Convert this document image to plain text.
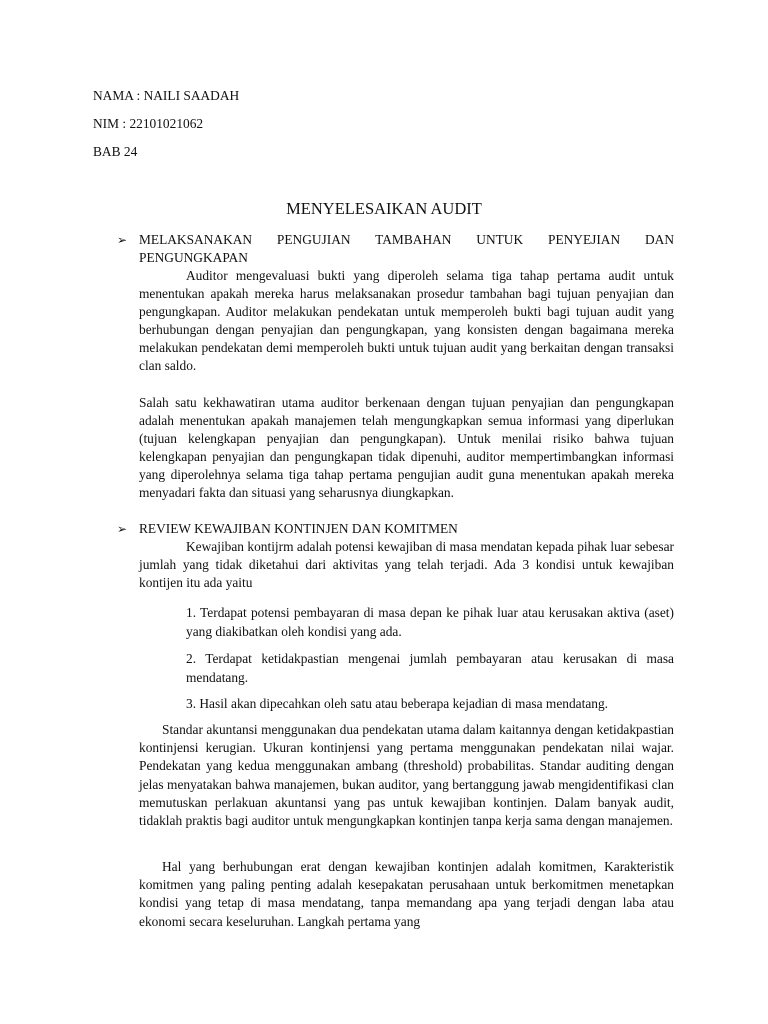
NAMA : NAILI SAADAH
NIM : 22101021062
BAB 24
MENYELESAIKAN AUDIT
➢ MELAKSANAKAN PENGUJIAN TAMBAHAN UNTUK PENYEJIAN DAN PENGUNGKAPAN

Auditor mengevaluasi bukti yang diperoleh selama tiga tahap pertama audit untuk menentukan apakah mereka harus melaksanakan prosedur tambahan bagi tujuan penyajian dan pengungkapan. Auditor melakukan pendekatan untuk memperoleh bukti bagi tujuan audit yang berhubungan dengan penyajian dan pengungkapan, yang konsisten dengan bagaimana mereka melakukan pendekatan demi memperoleh bukti untuk tujuan audit yang berkaitan dengan transaksi clan saldo.

Salah satu kekhawatiran utama auditor berkenaan dengan tujuan penyajian dan pengungkapan adalah menentukan apakah manajemen telah mengungkapkan semua informasi yang diperlukan (tujuan kelengkapan penyajian dan pengungkapan). Untuk menilai risiko bahwa tujuan kelengkapan penyajian dan pengungkapan tidak dipenuhi, auditor mempertimbangkan informasi yang diperolehnya selama tiga tahap pertama pengujian audit guna menentukan apakah mereka menyadari fakta dan situasi yang seharusnya diungkapkan.

➢ REVIEW KEWAJIBAN KONTINJEN DAN KOMITMEN

Kewajiban kontijrm adalah potensi kewajiban di masa mendatan kepada pihak luar sebesar jumlah yang tidak diketahui dari aktivitas yang telah terjadi. Ada 3 kondisi untuk kewajiban kontijen itu ada yaitu

1. Terdapat potensi pembayaran di masa depan ke pihak luar atau kerusakan aktiva (aset) yang diakibatkan oleh kondisi yang ada.

2. Terdapat ketidakpastian mengenai jumlah pembayaran atau kerusakan di masa mendatang.

3. Hasil akan dipecahkan oleh satu atau beberapa kejadian di masa mendatang.

Standar akuntansi menggunakan dua pendekatan utama dalam kaitannya dengan ketidakpastian kontinjensi kerugian. Ukuran kontinjensi yang pertama menggunakan pendekatan nilai wajar. Pendekatan yang kedua menggunakan ambang (threshold) probabilitas. Standar auditing dengan jelas menyatakan bahwa manajemen, bukan auditor, yang bertanggung jawab mengidentifikasi clan memutuskan perlakuan akuntansi yang pas untuk kewajiban kontinjen. Dalam banyak audit, tidaklah praktis bagi auditor untuk mengungkapkan kontinjen tanpa kerja sama dengan manajemen.

Hal yang berhubungan erat dengan kewajiban kontinjen adalah komitmen, Karakteristik komitmen yang paling penting adalah kesepakatan perusahaan untuk berkomitmen menetapkan kondisi yang tetap di masa mendatang, tanpa memandang apa yang terjadi dengan laba atau ekonomi secara keseluruhan. Langkah pertama yang
